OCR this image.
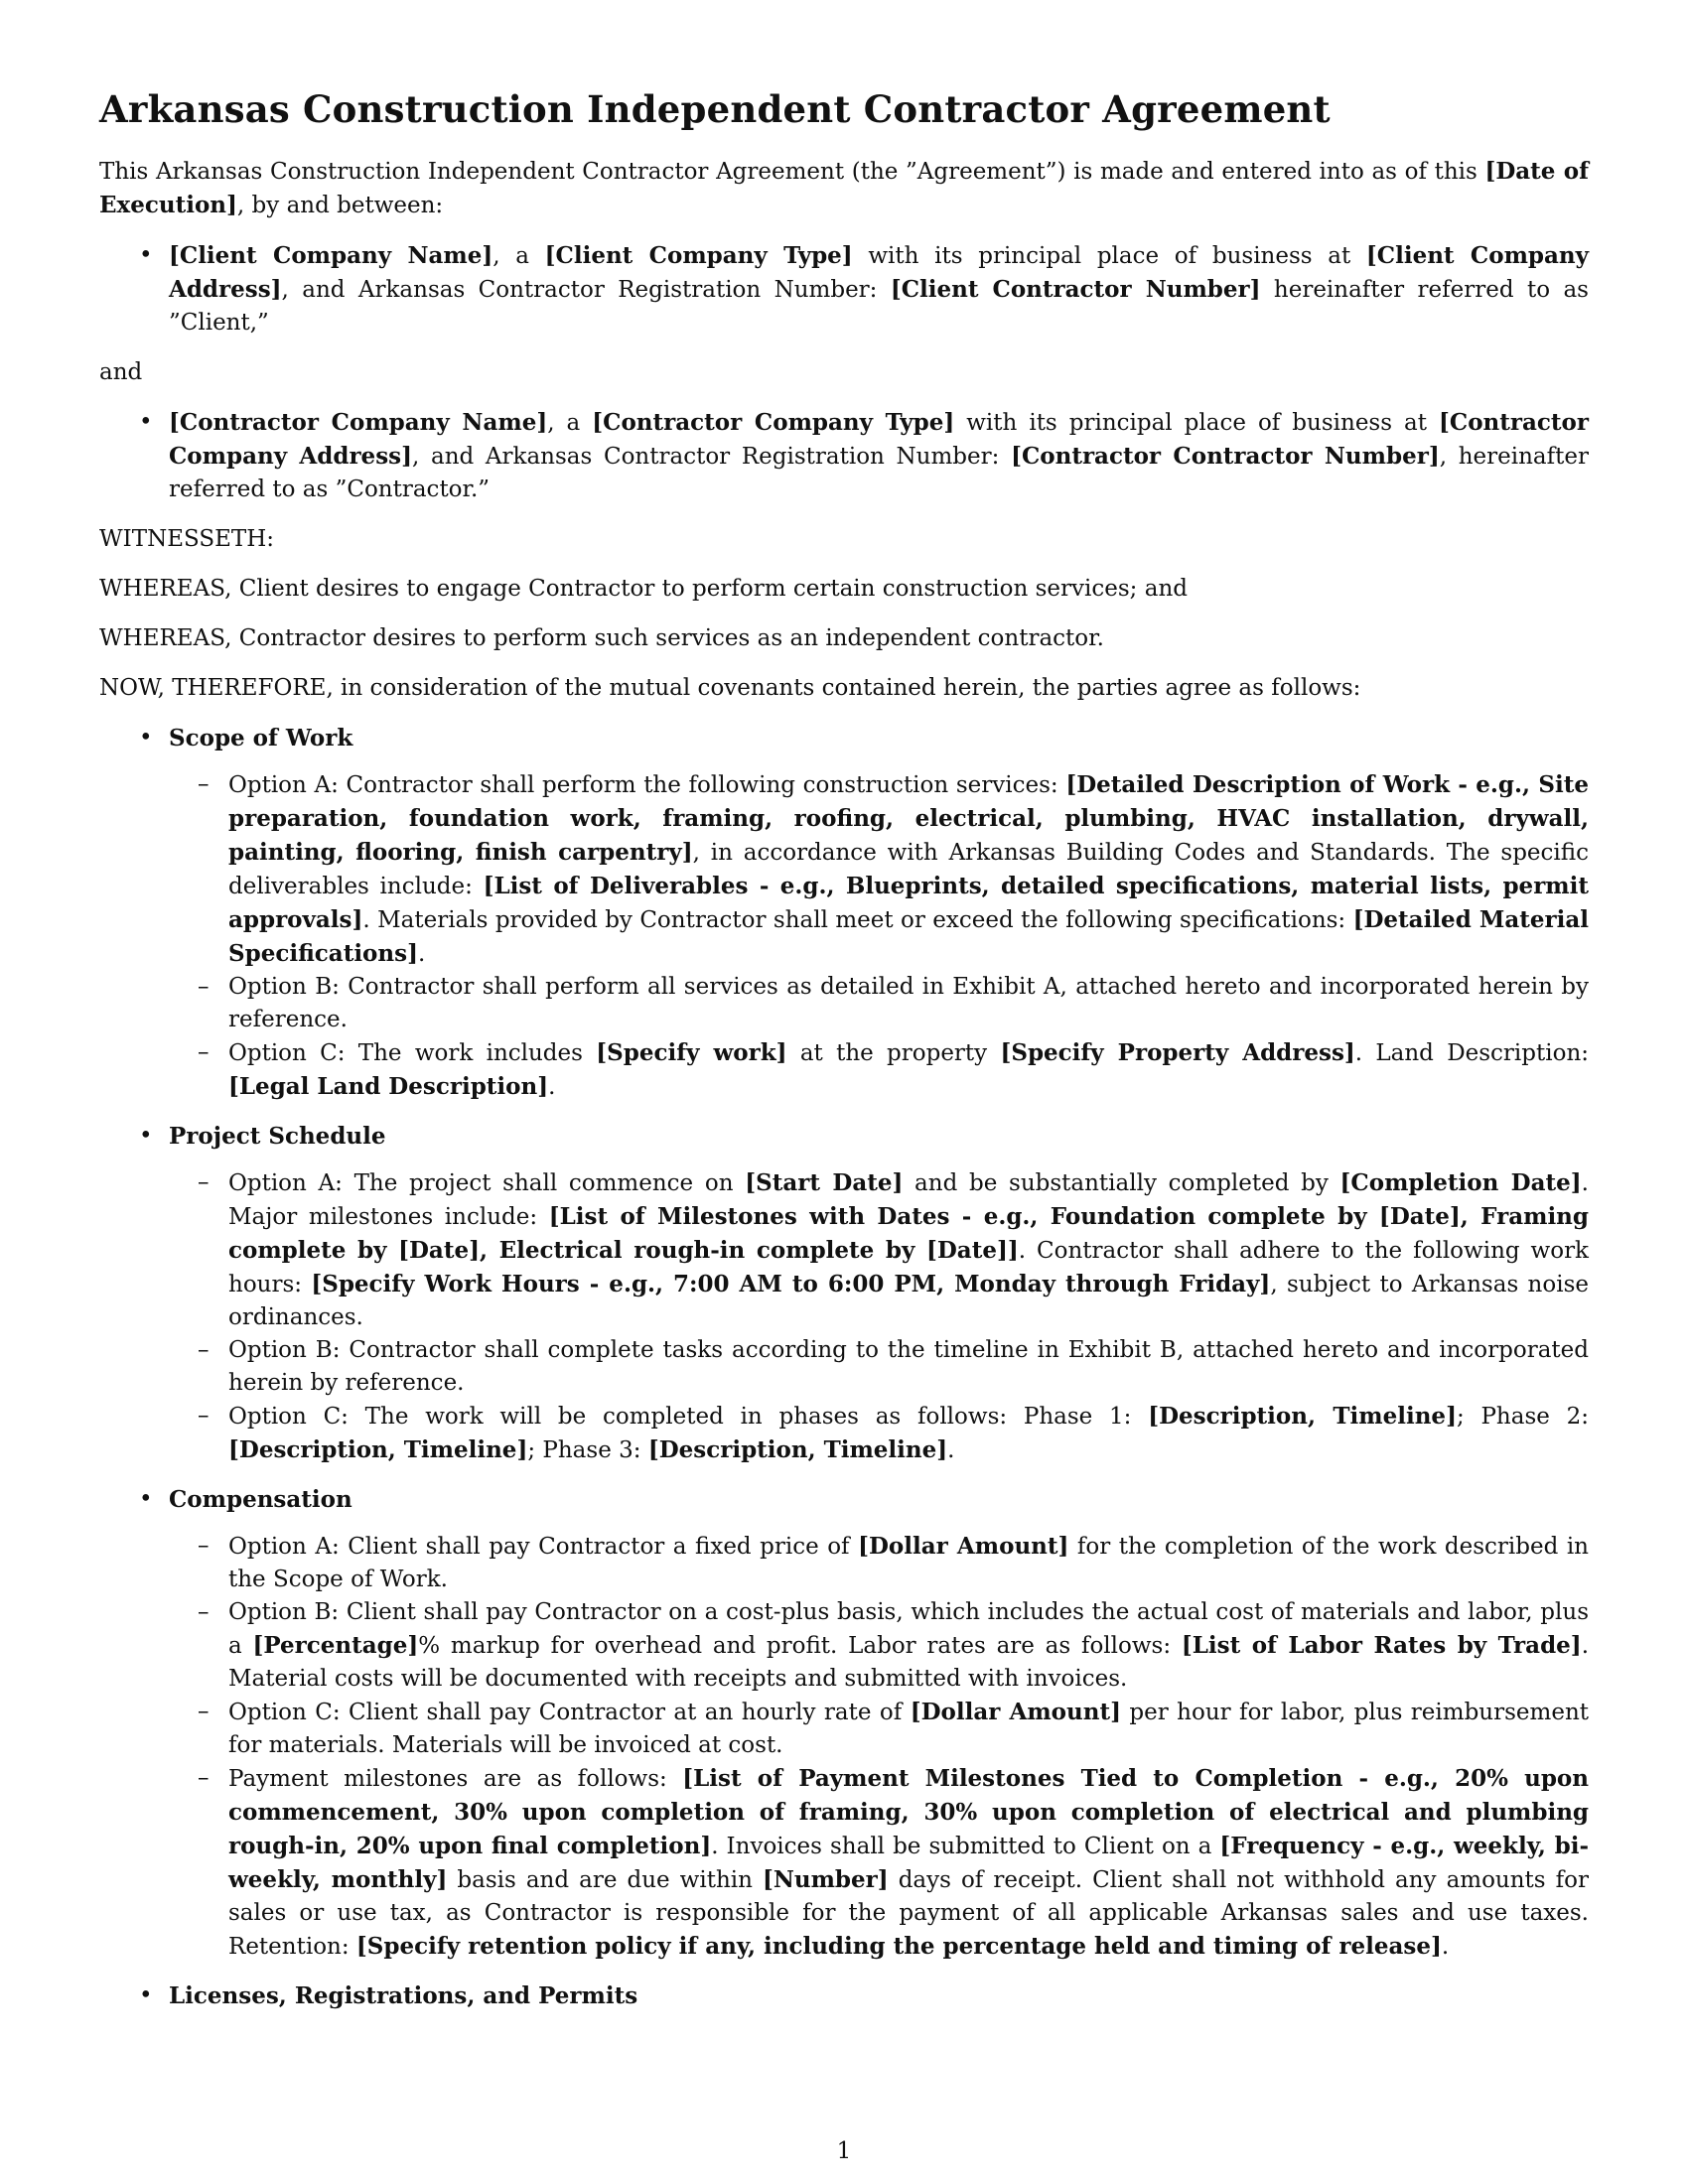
Arkansas Construction Independent Contractor Agreement

This Arkansas Construction Independent Contractor Agreement (the ”Agreement”) is made and entered into as of this [Date of Execution], by and between:

• [Client Company Name], a [Client Company Type] with its principal place of business at [Client Company Address], and Arkansas Contractor Registration Number: [Client Contractor Number] hereinafter referred to as ”Client,”

and

• [Contractor Company Name], a [Contractor Company Type] with its principal place of business at [Contractor Company Address], and Arkansas Contractor Registration Number: [Contractor Contractor Number], hereinafter referred to as ”Contractor.”

WITNESSETH:

WHEREAS, Client desires to engage Contractor to perform certain construction services; and

WHEREAS, Contractor desires to perform such services as an independent contractor.

NOW, THEREFORE, in consideration of the mutual covenants contained herein, the parties agree as follows:

• Scope of Work
– Option A: Contractor shall perform the following construction services: [Detailed Description of Work - e.g., Site preparation, foundation work, framing, roofing, electrical, plumbing, HVAC installation, drywall, painting, flooring, finish carpentry], in accordance with Arkansas Building Codes and Standards. The specific deliverables include: [List of Deliverables - e.g., Blueprints, detailed specifications, material lists, permit approvals]. Materials provided by Contractor shall meet or exceed the following specifications: [Detailed Material Specifications].
– Option B: Contractor shall perform all services as detailed in Exhibit A, attached hereto and incorporated herein by reference.
– Option C: The work includes [Specify work] at the property [Specify Property Address]. Land Description: [Legal Land Description].
• Project Schedule
– Option A: The project shall commence on [Start Date] and be substantially completed by [Completion Date]. Major milestones include: [List of Milestones with Dates - e.g., Foundation complete by [Date], Framing complete by [Date], Electrical rough-in complete by [Date]]. Contractor shall adhere to the following work hours: [Specify Work Hours - e.g., 7:00 AM to 6:00 PM, Monday through Friday], subject to Arkansas noise ordinances.
– Option B: Contractor shall complete tasks according to the timeline in Exhibit B, attached hereto and incorporated herein by reference.
– Option C: The work will be completed in phases as follows: Phase 1: [Description, Timeline]; Phase 2: [Description, Timeline]; Phase 3: [Description, Timeline].
• Compensation
– Option A: Client shall pay Contractor a fixed price of [Dollar Amount] for the completion of the work described in the Scope of Work.
– Option B: Client shall pay Contractor on a cost-plus basis, which includes the actual cost of materials and labor, plus a [Percentage]% markup for overhead and profit. Labor rates are as follows: [List of Labor Rates by Trade]. Material costs will be documented with receipts and submitted with invoices.
– Option C: Client shall pay Contractor at an hourly rate of [Dollar Amount] per hour for labor, plus reimbursement for materials. Materials will be invoiced at cost.
– Payment milestones are as follows: [List of Payment Milestones Tied to Completion - e.g., 20% upon commencement, 30% upon completion of framing, 30% upon completion of electrical and plumbing rough-in, 20% upon final completion]. Invoices shall be submitted to Client on a [Frequency - e.g., weekly, bi-weekly, monthly] basis and are due within [Number] days of receipt. Client shall not withhold any amounts for sales or use tax, as Contractor is responsible for the payment of all applicable Arkansas sales and use taxes. Retention: [Specify retention policy if any, including the percentage held and timing of release].
• Licenses, Registrations, and Permits
1
